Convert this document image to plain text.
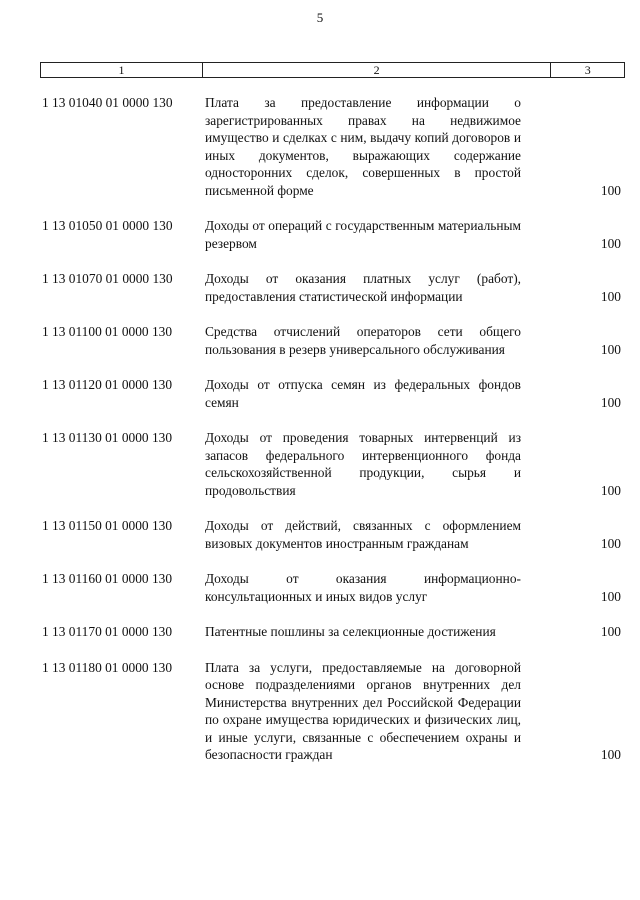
5
1	2	3
1 13 01040 01 0000 130	Плата за предоставление информации о зарегистрированных правах на недвижимое имущество и сделках с ним, выдачу копий договоров и иных документов, выражающих содержание односторонних сделок, совершенных в простой письменной форме	100
1 13 01050 01 0000 130	Доходы от операций с государственным материальным резервом	100
1 13 01070 01 0000 130	Доходы от оказания платных услуг (работ), предоставления статистической информации	100
1 13 01100 01 0000 130	Средства отчислений операторов сети общего пользования в резерв универсального обслуживания	100
1 13 01120 01 0000 130	Доходы от отпуска семян из федеральных фондов семян	100
1 13 01130 01 0000 130	Доходы от проведения товарных интервенций из запасов федерального интервенционного фонда сельскохозяйственной продукции, сырья и продовольствия	100
1 13 01150 01 0000 130	Доходы от действий, связанных с оформлением визовых документов иностранным гражданам	100
1 13 01160 01 0000 130	Доходы от оказания информационно-консультационных и иных видов услуг	100
1 13 01170 01 0000 130	Патентные пошлины за селекционные достижения	100
1 13 01180 01 0000 130	Плата за услуги, предоставляемые на договорной основе подразделениями органов внутренних дел Министерства внутренних дел Российской Федерации по охране имущества юридических и физических лиц, и иные услуги, связанные с обеспечением охраны и безопасности граждан	100
